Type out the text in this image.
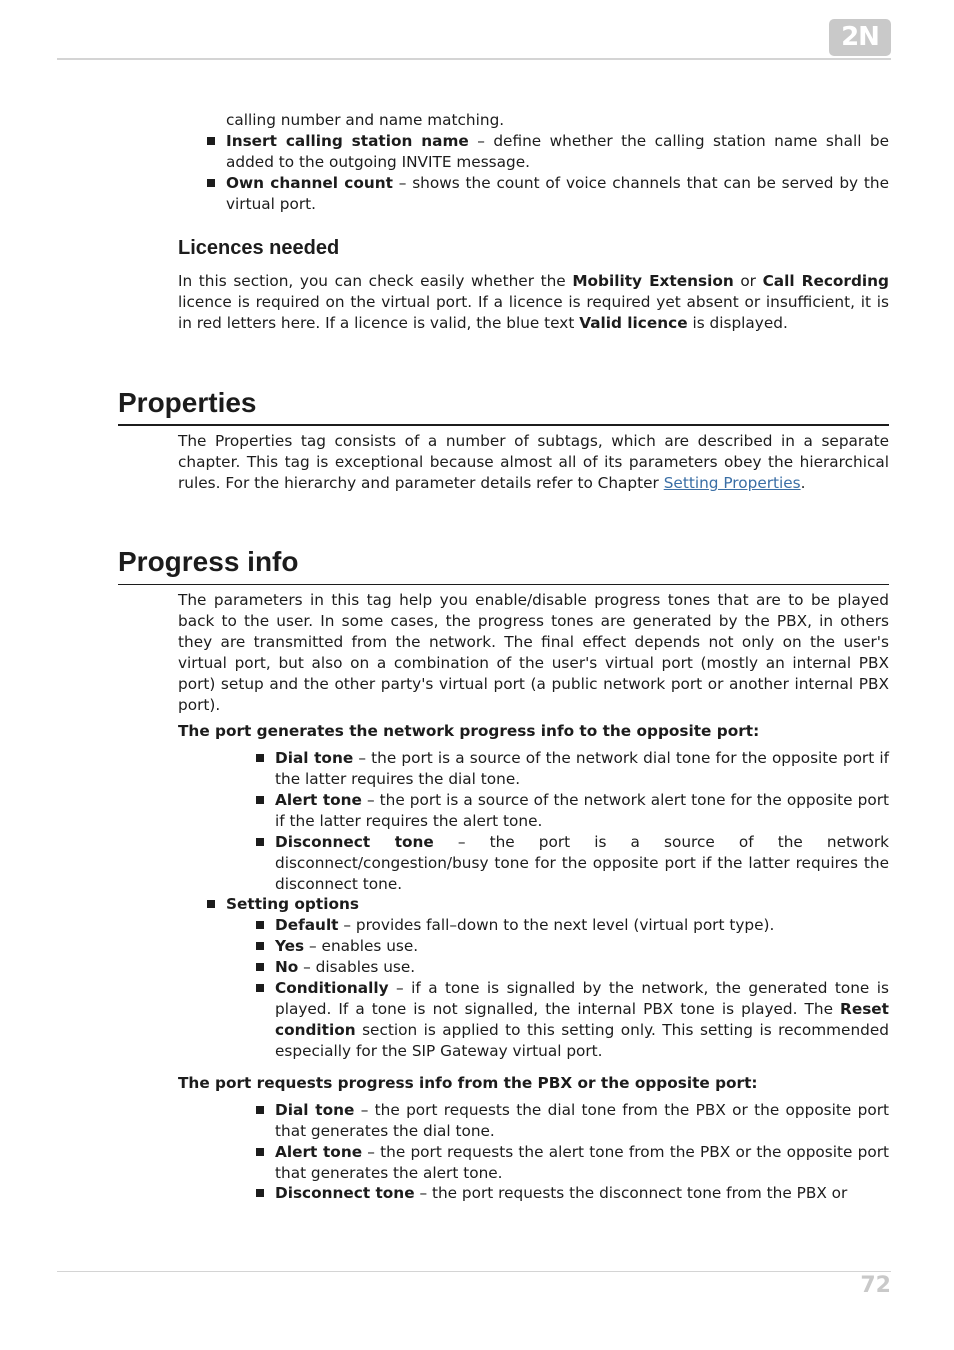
2N
72
calling number and name matching.
Insert calling station name – define whether the calling station name shall be added to the outgoing INVITE message.
Own channel count – shows the count of voice channels that can be served by the virtual port.
Licences needed

In this section, you can check easily whether the Mobility Extension or Call Recording licence is required on the virtual port. If a licence is required yet absent or insufficient, it is in red letters here. If a licence is valid, the blue text Valid licence is displayed.

Properties

The Properties tag consists of a number of subtags, which are described in a separate chapter. This tag is exceptional because almost all of its parameters obey the hierarchical rules. For the hierarchy and parameter details refer to Chapter Setting Properties.

Progress info

The parameters in this tag help you enable/disable progress tones that are to be played back to the user. In some cases, the progress tones are generated by the PBX, in others they are transmitted from the network. The final effect depends not only on the user's virtual port, but also on a combination of the user's virtual port (mostly an internal PBX port) setup and the other party's virtual port (a public network port or another internal PBX port).

The port generates the network progress info to the opposite port:

Dial tone – the port is a source of the network dial tone for the opposite port if the latter requires the dial tone.
Alert tone – the port is a source of the network alert tone for the opposite port if the latter requires the alert tone.
Disconnect tone – the port is a source of the network disconnect/congestion/busy tone for the opposite port if the latter requires the disconnect tone.
Setting options
Default – provides fall–down to the next level (virtual port type).
Yes – enables use.
No – disables use.
Conditionally – if a tone is signalled by the network, the generated tone is played. If a tone is not signalled, the internal PBX tone is played. The Reset condition section is applied to this setting only. This setting is recommended especially for the SIP Gateway virtual port.

The port requests progress info from the PBX or the opposite port:

Dial tone – the port requests the dial tone from the PBX or the opposite port that generates the dial tone.
Alert tone – the port requests the alert tone from the PBX or the opposite port that generates the alert tone.
Disconnect tone – the port requests the disconnect tone from the PBX or
